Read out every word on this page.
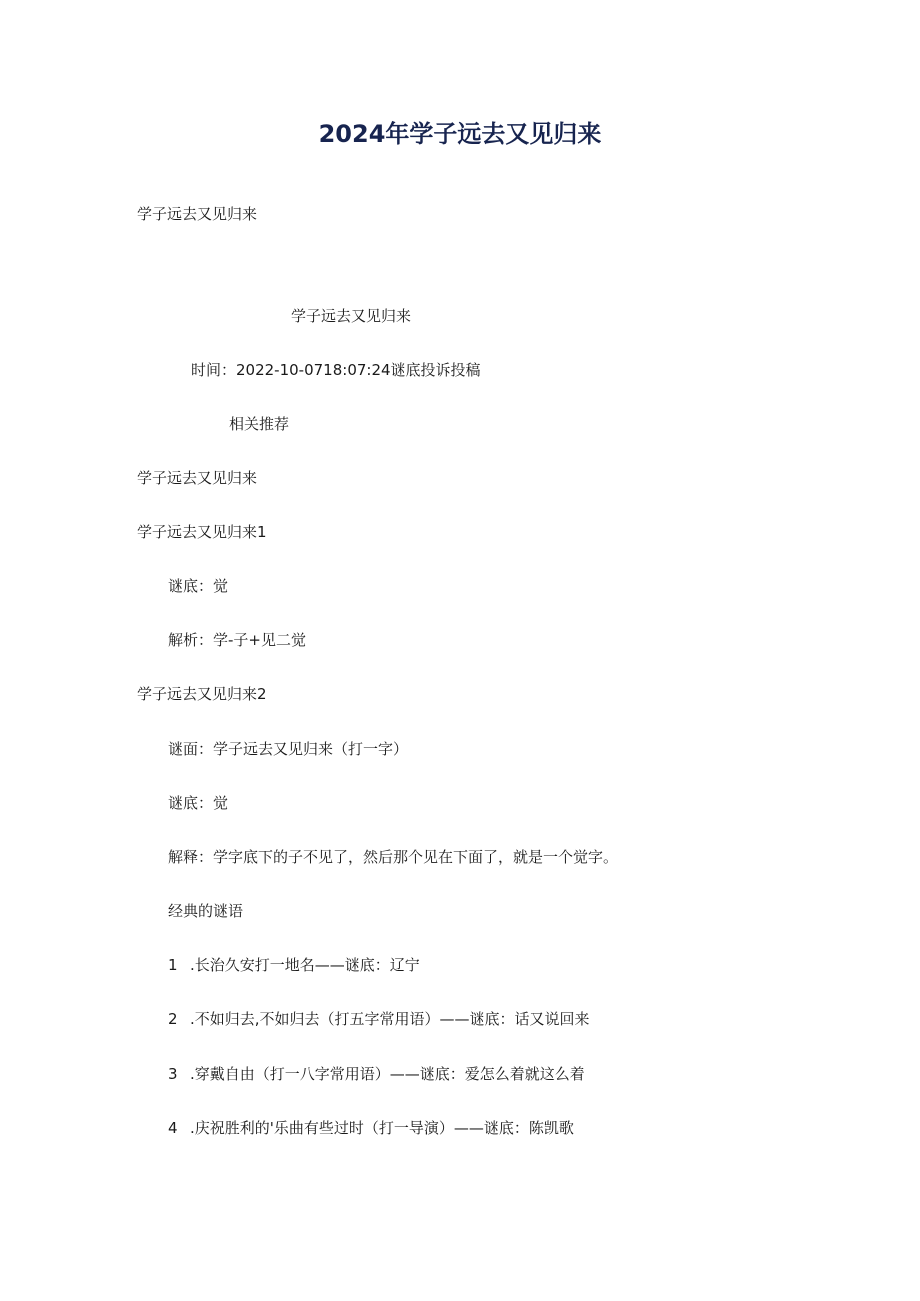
2024年学子远去又见归来
学子远去又见归来
学子远去又见归来
时间：2022-10-0718:07:24谜底投诉投稿
相关推荐
学子远去又见归来
学子远去又见归来1
谜底：觉
解析：学-子+见二觉
学子远去又见归来2
谜面：学子远去又见归来（打一字）
谜底：觉
解释：学字底下的子不见了，然后那个见在下面了，就是一个觉字。
经典的谜语
1 .长治久安打一地名——谜底：辽宁
2 .不如归去,不如归去（打五字常用语）——谜底：话又说回来
3 .穿戴自由（打一八字常用语）——谜底：爱怎么着就这么着
4 .庆祝胜利的'乐曲有些过时（打一导演）——谜底：陈凯歌
